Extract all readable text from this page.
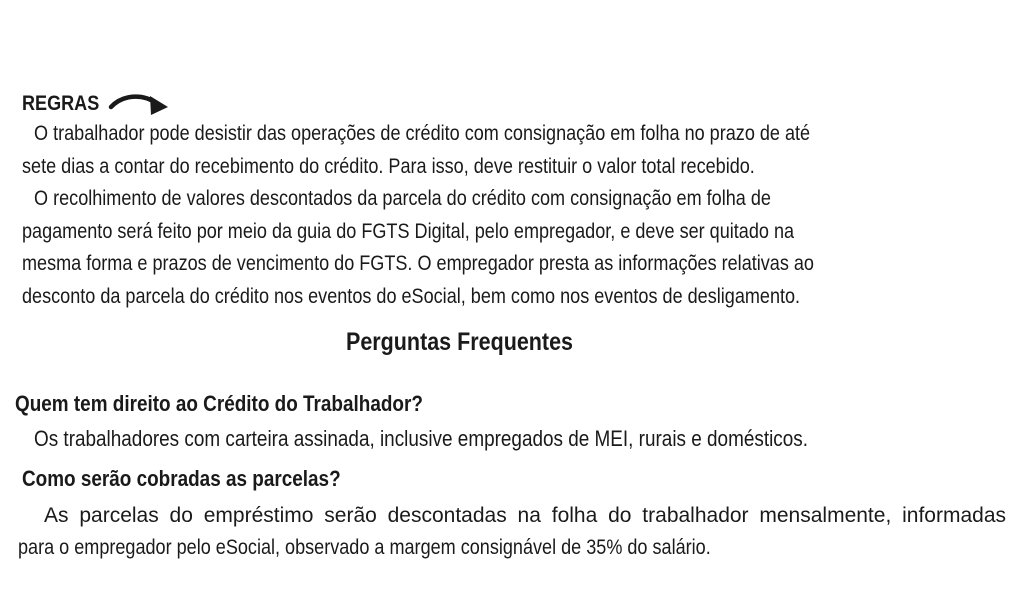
REGRAS
O trabalhador pode desistir das operações de crédito com consignação em folha no prazo de até
sete dias a contar do recebimento do crédito. Para isso, deve restituir o valor total recebido.
O recolhimento de valores descontados da parcela do crédito com consignação em folha de
pagamento será feito por meio da guia do FGTS Digital, pelo empregador, e deve ser quitado na
mesma forma e prazos de vencimento do FGTS. O empregador presta as informações relativas ao
desconto da parcela do crédito nos eventos do eSocial, bem como nos eventos de desligamento.
Perguntas Frequentes
Quem tem direito ao Crédito do Trabalhador?
Os trabalhadores com carteira assinada, inclusive empregados de MEI, rurais e domésticos.
Como serão cobradas as parcelas?
As parcelas do empréstimo serão descontadas na folha do trabalhador mensalmente, informadas
para o empregador pelo eSocial, observado a margem consignável de 35% do salário.
